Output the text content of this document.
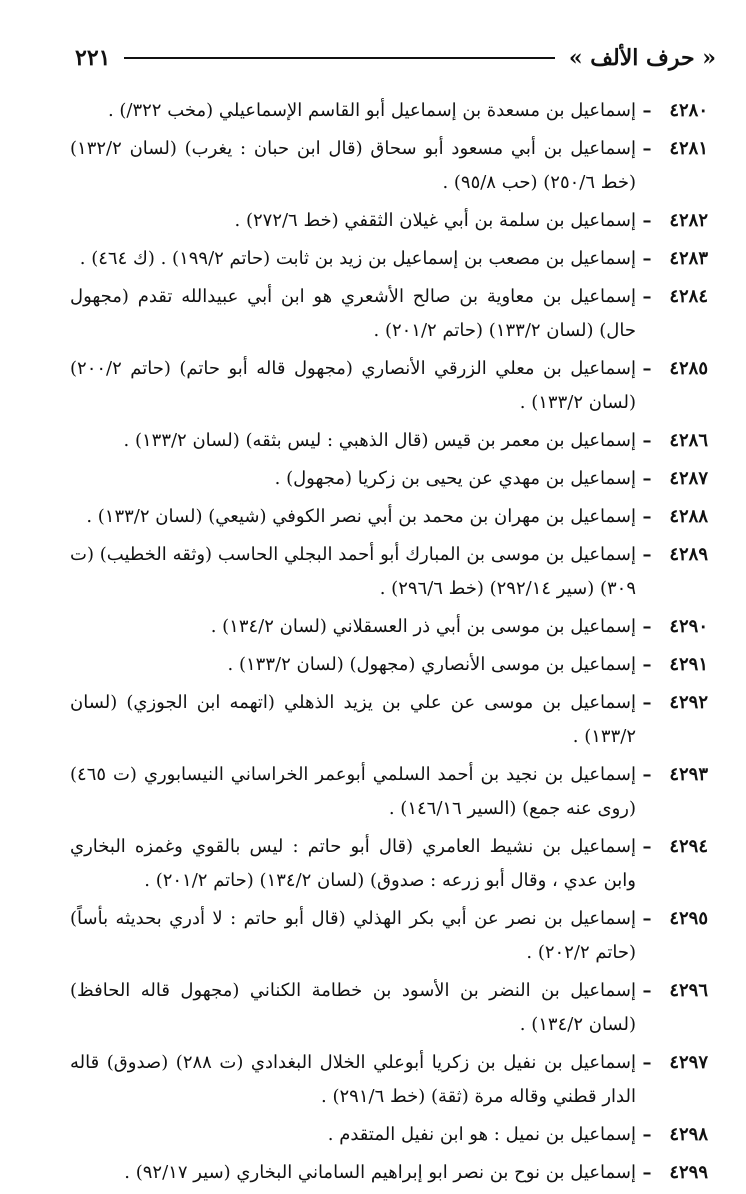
« حرف الألف »
٢٢١
٤٢٨٠
–
إسماعيل بن مسعدة بن إسماعيل أبو القاسم الإسماعيلي (مخب ٣٢٢/) .
٤٢٨١
–
إسماعيل بن أبي مسعود أبو سحاق (قال ابن حبان : يغرب) (لسان ١٣٢/٢) (خط ٢٥٠/٦) (حب ٩٥/٨) .
٤٢٨٢
–
إسماعيل بن سلمة بن أبي غيلان الثقفي (خط ٢٧٢/٦) .
٤٢٨٣
–
إسماعيل بن مصعب بن إسماعيل بن زيد بن ثابت (حاتم ١٩٩/٢) . (ك ٤٦٤) .
٤٢٨٤
–
إسماعيل بن معاوية بن صالح الأشعري هو ابن أبي عبيدالله تقدم (مجهول حال) (لسان ١٣٣/٢) (حاتم ٢٠١/٢) .
٤٢٨٥
–
إسماعيل بن معلي الزرقي الأنصاري (مجهول قاله أبو حاتم) (حاتم ٢٠٠/٢) (لسان ١٣٣/٢) .
٤٢٨٦
–
إسماعيل بن معمر بن قيس (قال الذهبي : ليس بثقه) (لسان ١٣٣/٢) .
٤٢٨٧
–
إسماعيل بن مهدي عن يحيى بن زكريا (مجهول) .
٤٢٨٨
–
إسماعيل بن مهران بن محمد بن أبي نصر الكوفي (شيعي) (لسان ١٣٣/٢) .
٤٢٨٩
–
إسماعيل بن موسى بن المبارك أبو أحمد البجلي الحاسب (وثقه الخطيب) (ت ٣٠٩) (سير ٢٩٢/١٤) (خط ٢٩٦/٦) .
٤٢٩٠
–
إسماعيل بن موسى بن أبي ذر العسقلاني (لسان ١٣٤/٢) .
٤٢٩١
–
إسماعيل بن موسى الأنصاري (مجهول) (لسان ١٣٣/٢) .
٤٢٩٢
–
إسماعيل بن موسى عن علي بن يزيد الذهلي (اتهمه ابن الجوزي) (لسان ١٣٣/٢) .
٤٢٩٣
–
إسماعيل بن نجيد بن أحمد السلمي أبوعمر الخراساني النيسابوري (ت ٤٦٥) (روى عنه جمع) (السير ١٤٦/١٦) .
٤٢٩٤
–
إسماعيل بن نشيط العامري (قال أبو حاتم : ليس بالقوي وغمزه البخاري وابن عدي ، وقال أبو زرعه : صدوق) (لسان ١٣٤/٢) (حاتم ٢٠١/٢) .
٤٢٩٥
–
إسماعيل بن نصر عن أبي بكر الهذلي (قال أبو حاتم : لا أدري بحديثه بأساً) (حاتم ٢٠٢/٢) .
٤٢٩٦
–
إسماعيل بن النضر بن الأسود بن خطامة الكناني (مجهول قاله الحافظ) (لسان ١٣٤/٢) .
٤٢٩٧
–
إسماعيل بن نفيل بن زكريا أبوعلي الخلال البغدادي (ت ٢٨٨) (صدوق) قاله الدار قطني وقاله مرة (ثقة) (خط ٢٩١/٦) .
٤٢٩٨
–
إسماعيل بن نميل : هو ابن نفيل المتقدم .
٤٢٩٩
–
إسماعيل بن نوح بن نصر ابو إبراهيم الساماني البخاري (سير ٩٢/١٧) .
